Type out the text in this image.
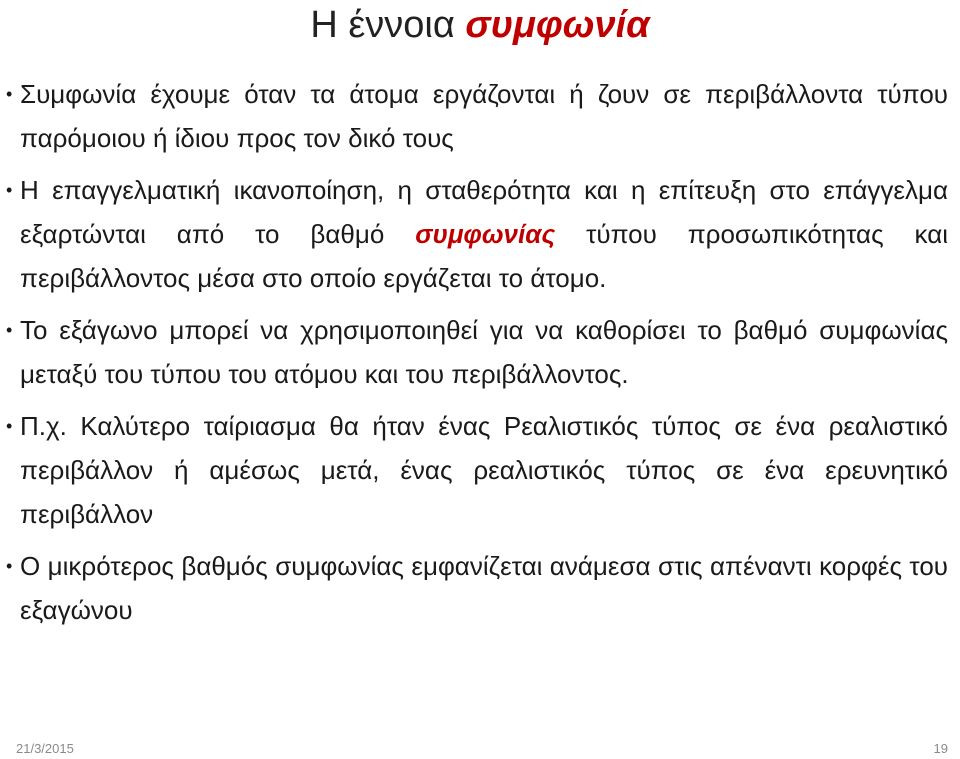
Η έννοια συμφωνία
• Συμφωνία έχουμε όταν τα άτομα εργάζονται ή ζουν σε περιβάλλοντα τύπου παρόμοιου ή ίδιου προς τον δικό τους
• Η επαγγελματική ικανοποίηση, η σταθερότητα και η επίτευξη στο επάγγελμα εξαρτώνται από το βαθμό συμφωνίας τύπου προσωπικότητας και περιβάλλοντος μέσα στο οποίο εργάζεται το άτομο.
• Το εξάγωνο μπορεί να χρησιμοποιηθεί για να καθορίσει το βαθμό συμφωνίας μεταξύ του τύπου του ατόμου και του περιβάλλοντος.
• Π.χ. Καλύτερο ταίριασμα θα ήταν ένας Ρεαλιστικός τύπος σε ένα ρεαλιστικό περιβάλλον ή αμέσως μετά, ένας ρεαλιστικός τύπος σε ένα ερευνητικό περιβάλλον
• Ο μικρότερος βαθμός συμφωνίας εμφανίζεται ανάμεσα στις απέναντι κορφές του εξαγώνου
21/3/2015	19
